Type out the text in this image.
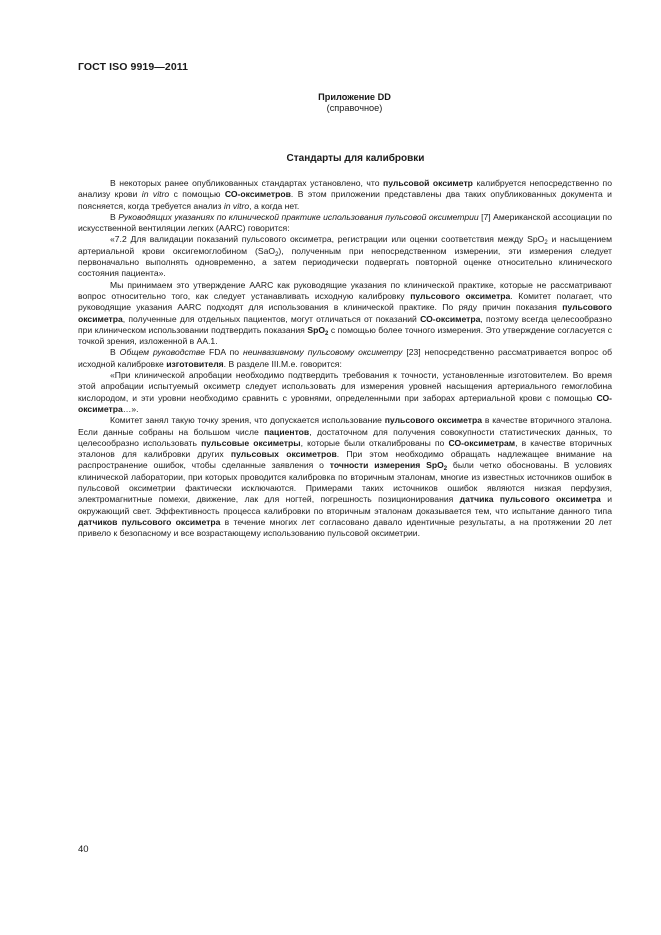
ГОСТ ISO 9919—2011
Приложение DD
(справочное)
Стандарты для калибровки

В некоторых ранее опубликованных стандартах установлено, что пульсовой оксиметр калибруется непосредственно по анализу крови in vitro с помощью СО-оксиметров. В этом приложении представлены два таких опубликованных документа и поясняется, когда требуется анализ in vitro, а когда нет.

В Руководящих указаниях по клинической практике использования пульсовой оксиметрии [7] Американской ассоциации по искусственной вентиляции легких (AARC) говорится:

«7.2 Для валидации показаний пульсового оксиметра, регистрации или оценки соответствия между SpO$_2$ и насыщением артериальной крови оксигемоглобином (SaO$_2$), полученным при непосредственном измерении, эти измерения следует первоначально выполнять одновременно, а затем периодически подвергать повторной оценке относительно клинического состояния пациента».

Мы принимаем это утверждение AARC как руководящие указания по клинической практике, которые не рассматривают вопрос относительно того, как следует устанавливать исходную калибровку пульсового оксиметра. Комитет полагает, что руководящие указания AARC подходят для использования в клинической практике. По ряду причин показания пульсового оксиметра, полученные для отдельных пациентов, могут отличаться от показаний СО-оксиметра, поэтому всегда целесообразно при клиническом использовании подтвердить показания SpO$_2$ с помощью более точного измерения. Это утверждение согласуется с точкой зрения, изложенной в АА.1.

В Общем руководстве FDA по неинвазивному пульсовому оксиметру [23] непосредственно рассматривается вопрос об исходной калибровке изготовителя. В разделе III.М.е. говорится:

«При клинической апробации необходимо подтвердить требования к точности, установленные изготовителем. Во время этой апробации испытуемый оксиметр следует использовать для измерения уровней насыщения артериального гемоглобина кислородом, и эти уровни необходимо сравнить с уровнями, определенными при заборах артериальной крови с помощью СО-оксиметра…».

Комитет занял такую точку зрения, что допускается использование пульсового оксиметра в качестве вторичного эталона. Если данные собраны на большом числе пациентов, достаточном для получения совокупности статистических данных, то целесообразно использовать пульсовые оксиметры, которые были откалиброваны по СО-оксиметрам, в качестве вторичных эталонов для калибровки других пульсовых оксиметров. При этом необходимо обращать надлежащее внимание на распространение ошибок, чтобы сделанные заявления о точности измерения SpO$_2$ были четко обоснованы. В условиях клинической лаборатории, при которых проводится калибровка по вторичным эталонам, многие из известных источников ошибок в пульсовой оксиметрии фактически исключаются. Примерами таких источников ошибок являются низкая перфузия, электромагнитные помехи, движение, лак для ногтей, погрешность позиционирования датчика пульсового оксиметра и окружающий свет. Эффективность процесса калибровки по вторичным эталонам доказывается тем, что испытание данного типа датчиков пульсового оксиметра в течение многих лет согласовано давало идентичные результаты, а на протяжении 20 лет привело к безопасному и все возрастающему использованию пульсовой оксиметрии.

40
